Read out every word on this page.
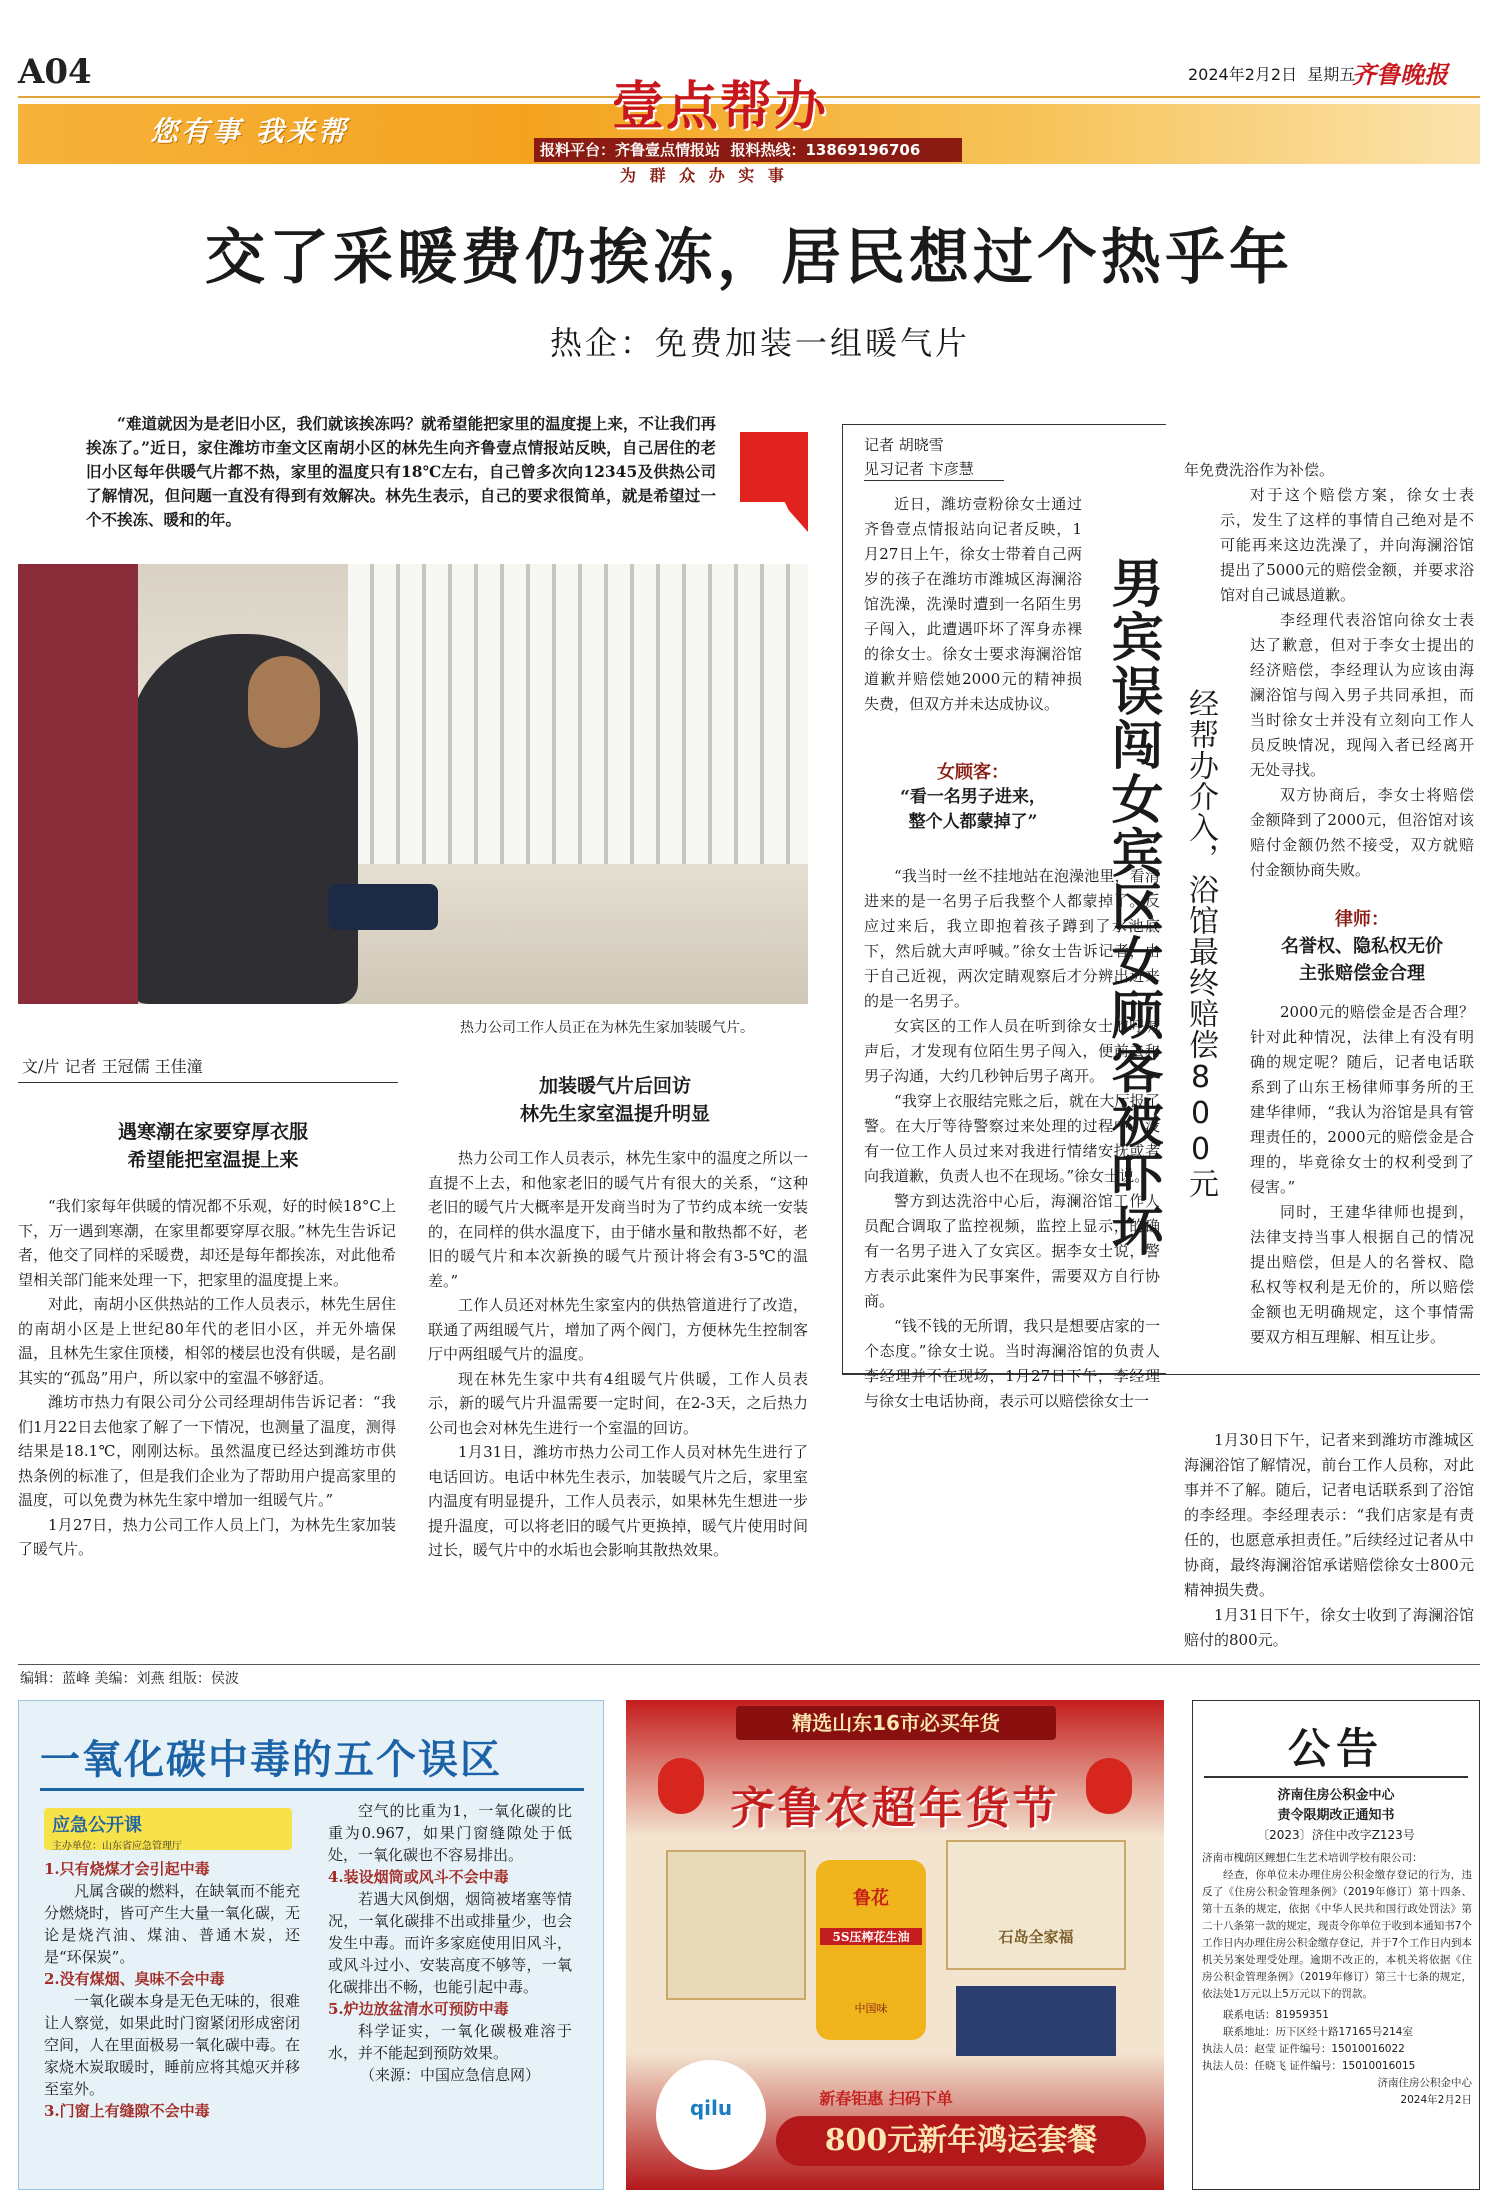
A04	2024年2月2日 星期五
齐鲁晚报
您有事 我来帮	壹点帮办
报料平台：齐鲁壹点情报站 报料热线：13869196706
为 群 众 办 实 事
交了采暖费仍挨冻，居民想过个热乎年
热企：免费加装一组暖气片

“难道就因为是老旧小区，我们就该挨冻吗？就希望能把家里的温度提上来，不让我们再挨冻了。”近日，家住潍坊市奎文区南胡小区的林先生向齐鲁壹点情报站反映，自己居住的老旧小区每年供暖气片都不热，家里的温度只有18℃左右，自己曾多次向12345及供热公司了解情况，但问题一直没有得到有效解决。林先生表示，自己的要求很简单，就是希望过一个不挨冻、暖和的年。

热力公司工作人员正在为林先生家加装暖气片。
文/片 记者 王冠儒 王佳潼
遇寒潮在家要穿厚衣服
希望能把室温提上来

“我们家每年供暖的情况都不乐观，好的时候18°C上下，万一遇到寒潮，在家里都要穿厚衣服。”林先生告诉记者，他交了同样的采暖费，却还是每年都挨冻，对此他希望相关部门能来处理一下，把家里的温度提上来。

对此，南胡小区供热站的工作人员表示，林先生居住的南胡小区是上世纪80年代的老旧小区，并无外墙保温，且林先生家住顶楼，相邻的楼层也没有供暖，是名副其实的“孤岛”用户，所以家中的室温不够舒适。

潍坊市热力有限公司分公司经理胡伟告诉记者：“我们1月22日去他家了解了一下情况，也测量了温度，测得结果是18.1℃，刚刚达标。虽然温度已经达到潍坊市供热条例的标准了，但是我们企业为了帮助用户提高家里的温度，可以免费为林先生家中增加一组暖气片。”

1月27日，热力公司工作人员上门，为林先生家加装了暖气片。

加装暖气片后回访
林先生家室温提升明显

热力公司工作人员表示，林先生家中的温度之所以一直提不上去，和他家老旧的暖气片有很大的关系，“这种老旧的暖气片大概率是开发商当时为了节约成本统一安装的，在同样的供水温度下，由于储水量和散热都不好，老旧的暖气片和本次新换的暖气片预计将会有3-5℃的温差。”

工作人员还对林先生家室内的供热管道进行了改造，联通了两组暖气片，增加了两个阀门，方便林先生控制客厅中两组暖气片的温度。

现在林先生家中共有4组暖气片供暖，工作人员表示，新的暖气片升温需要一定时间，在2-3天，之后热力公司也会对林先生进行一个室温的回访。

1月31日，潍坊市热力公司工作人员对林先生进行了电话回访。电话中林先生表示，加装暖气片之后，家里室内温度有明显提升，工作人员表示，如果林先生想进一步提升温度，可以将老旧的暖气片更换掉，暖气片使用时间过长，暖气片中的水垢也会影响其散热效果。

记者 胡晓雪
见习记者 卞彦慧

近日，潍坊壹粉徐女士通过齐鲁壹点情报站向记者反映，1月27日上午，徐女士带着自己两岁的孩子在潍坊市潍城区海澜浴馆洗澡，洗澡时遭到一名陌生男子闯入，此遭遇吓坏了浑身赤裸的徐女士。徐女士要求海澜浴馆道歉并赔偿她2000元的精神损失费，但双方并未达成协议。 男宾误闯女宾区女顾客被吓坏 经帮办介入，浴馆最终赔偿800元
女顾客：
“看一名男子进来，
整个人都蒙掉了”

“我当时一丝不挂地站在泡澡池里，看清进来的是一名男子后我整个人都蒙掉了。反应过来后，我立即抱着孩子蹲到了水池底下，然后就大声呼喊。”徐女士告诉记者，由于自己近视，两次定睛观察后才分辨出进来的是一名男子。

女宾区的工作人员在听到徐女士的呼喊声后，才发现有位陌生男子闯入，便前去和男子沟通，大约几秒钟后男子离开。

“我穿上衣服结完账之后，就在大厅报了警。在大厅等待警察过来处理的过程中，没有一位工作人员过来对我进行情绪安抚或者向我道歉，负责人也不在现场。”徐女士说。

警方到达洗浴中心后，海澜浴馆工作人员配合调取了监控视频，监控上显示，的确有一名男子进入了女宾区。据李女士说，警方表示此案件为民事案件，需要双方自行协商。

“钱不钱的无所谓，我只是想要店家的一个态度。”徐女士说。当时海澜浴馆的负责人李经理并不在现场，1月27日下午，李经理与徐女士电话协商，表示可以赔偿徐女士一

年免费洗浴作为补偿。

对于这个赔偿方案，徐女士表示，发生了这样的事情自己绝对是不可能再来这边洗澡了，并向海澜浴馆提出了5000元的赔偿金额，并要求浴馆对自己诚恳道歉。

李经理代表浴馆向徐女士表达了歉意，但对于李女士提出的经济赔偿，李经理认为应该由海澜浴馆与闯入男子共同承担，而当时徐女士并没有立刻向工作人员反映情况，现闯入者已经离开无处寻找。

双方协商后，李女士将赔偿金额降到了2000元，但浴馆对该赔付金额仍然不接受，双方就赔付金额协商失败。

律师：
名誉权、隐私权无价
主张赔偿金合理

2000元的赔偿金是否合理？针对此种情况，法律上有没有明确的规定呢？随后，记者电话联系到了山东王杨律师事务所的王建华律师，“我认为浴馆是具有管理责任的，2000元的赔偿金是合理的，毕竟徐女士的权利受到了侵害。”

同时，王建华律师也提到，法律支持当事人根据自己的情况提出赔偿，但是人的名誉权、隐私权等权利是无价的，所以赔偿金额也无明确规定，这个事情需要双方相互理解、相互让步。

1月30日下午，记者来到潍坊市潍城区海澜浴馆了解情况，前台工作人员称，对此事并不了解。随后，记者电话联系到了浴馆的李经理。李经理表示：“我们店家是有责任的，也愿意承担责任。”后续经过记者从中协商，最终海澜浴馆承诺赔偿徐女士800元精神损失费。

1月31日下午，徐女士收到了海澜浴馆赔付的800元。

编辑：蓝峰 美编：刘燕 组版：侯波
一氧化碳中毒的五个误区
应急公开课
主办单位：山东省应急管理厅
1.只有烧煤才会引起中毒

凡属含碳的燃料，在缺氧而不能充分燃烧时，皆可产生大量一氧化碳，无论是烧汽油、煤油、普通木炭，还是“环保炭”。

2.没有煤烟、臭味不会中毒

一氧化碳本身是无色无味的，很难让人察觉，如果此时门窗紧闭形成密闭空间，人在里面极易一氧化碳中毒。在家烧木炭取暖时，睡前应将其熄灭并移至室外。

3.门窗上有缝隙不会中毒

空气的比重为1，一氧化碳的比重为0.967，如果门窗缝隙处于低处，一氧化碳也不容易排出。

4.装设烟筒或风斗不会中毒

若遇大风倒烟，烟筒被堵塞等情况，一氧化碳排不出或排量少，也会发生中毒。而许多家庭使用旧风斗，或风斗过小、安装高度不够等，一氧化碳排出不畅，也能引起中毒。

5.炉边放盆清水可预防中毒

科学证实，一氧化碳极难溶于水，并不能起到预防效果。

（来源：中国应急信息网）
精选山东16市必买年货
齐鲁农超年货节
鲁花
5S压榨花生油
中国味
石岛全家福
qilu	新春钜惠 扫码下单
800元新年鸿运套餐
公告
济南住房公积金中心
责令限期改正通知书
〔2023〕济住中改字Z123号
济南市槐荫区鲤想仁生艺术培训学校有限公司：

经查，你单位未办理住房公积金缴存登记的行为，违反了《住房公积金管理条例》（2019年修订）第十四条、第十五条的规定，依据《中华人民共和国行政处罚法》第二十八条第一款的规定，现责令你单位于收到本通知书7个工作日内办理住房公积金缴存登记，并于7个工作日内到本机关另案处理受处理。逾期不改正的，本机关将依据《住房公积金管理条例》（2019年修订）第三十七条的规定，依法处1万元以上5万元以下的罚款。

联系电话：81959351
联系地址：历下区经十路17165号214室
执法人员：赵莹 证件编号：15010016022
执法人员：任晓飞 证件编号：15010016015
济南住房公积金中心
2024年2月2日
